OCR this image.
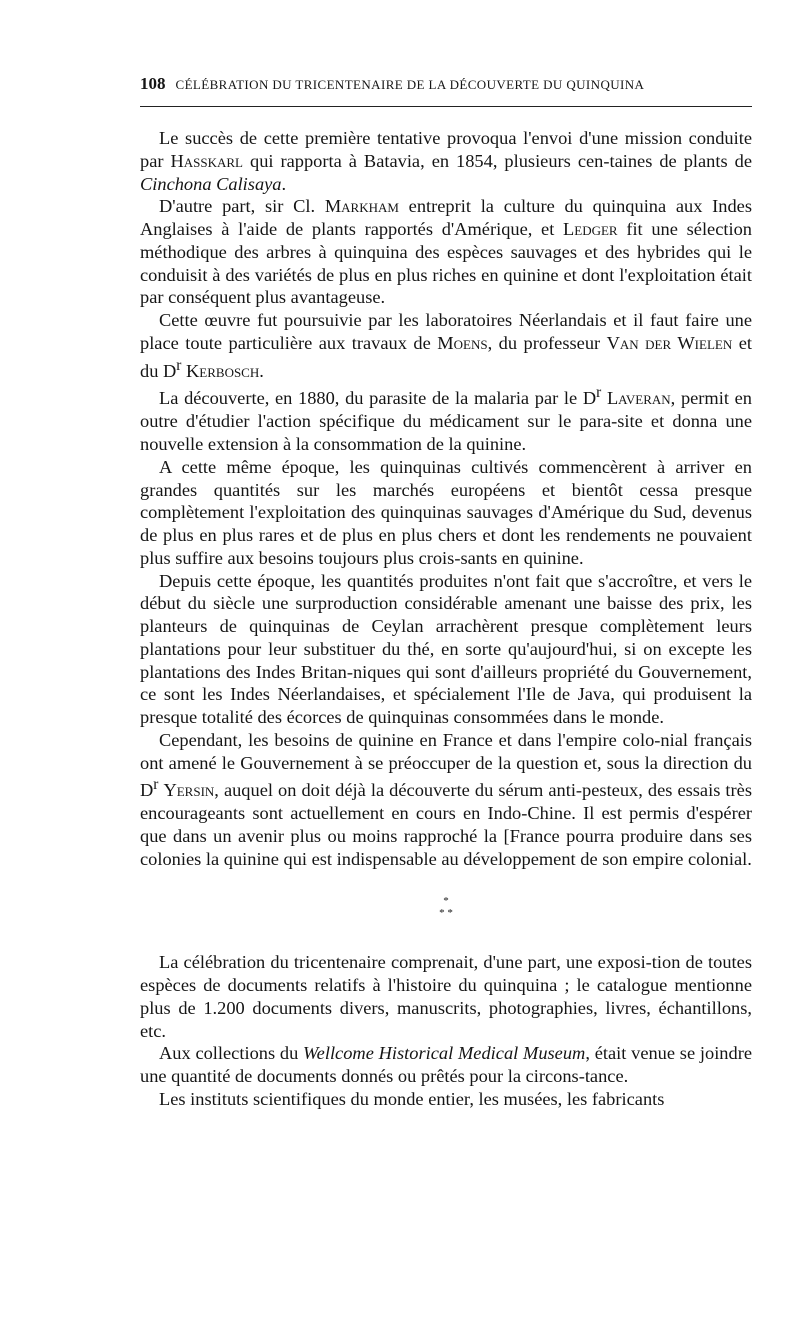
108 CÉLÉBRATION DU TRICENTENAIRE DE LA DÉCOUVERTE DU QUINQUINA

Le succès de cette première tentative provoqua l'envoi d'une mission conduite par Hasskarl qui rapporta à Batavia, en 1854, plusieurs cen-taines de plants de Cinchona Calisaya.

D'autre part, sir Cl. Markham entreprit la culture du quinquina aux Indes Anglaises à l'aide de plants rapportés d'Amérique, et Ledger fit une sélection méthodique des arbres à quinquina des espèces sauvages et des hybrides qui le conduisit à des variétés de plus en plus riches en quinine et dont l'exploitation était par conséquent plus avantageuse.

Cette œuvre fut poursuivie par les laboratoires Néerlandais et il faut faire une place toute particulière aux travaux de Moens, du professeur Van der Wielen et du $D^r$ Kerbosch.

La découverte, en 1880, du parasite de la malaria par le $D^r$ Laveran, permit en outre d'étudier l'action spécifique du médicament sur le para-site et donna une nouvelle extension à la consommation de la quinine.

A cette même époque, les quinquinas cultivés commencèrent à arriver en grandes quantités sur les marchés européens et bientôt cessa presque complètement l'exploitation des quinquinas sauvages d'Amérique du Sud, devenus de plus en plus rares et de plus en plus chers et dont les rendements ne pouvaient plus suffire aux besoins toujours plus crois-sants en quinine.

Depuis cette époque, les quantités produites n'ont fait que s'accroître, et vers le début du siècle une surproduction considérable amenant une baisse des prix, les planteurs de quinquinas de Ceylan arrachèrent presque complètement leurs plantations pour leur substituer du thé, en sorte qu'aujourd'hui, si on excepte les plantations des Indes Britan-niques qui sont d'ailleurs propriété du Gouvernement, ce sont les Indes Néerlandaises, et spécialement l'Ile de Java, qui produisent la presque totalité des écorces de quinquinas consommées dans le monde.

Cependant, les besoins de quinine en France et dans l'empire colo-nial français ont amené le Gouvernement à se préoccuper de la question et, sous la direction du $D^r$ Yersin, auquel on doit déjà la découverte du sérum anti-pesteux, des essais très encourageants sont actuellement en cours en Indo-Chine. Il est permis d'espérer que dans un avenir plus ou moins rapproché la [France pourra produire dans ses colonies la quinine qui est indispensable au développement de son empire colonial.

*
* *

La célébration du tricentenaire comprenait, d'une part, une exposi-tion de toutes espèces de documents relatifs à l'histoire du quinquina ; le catalogue mentionne plus de 1.200 documents divers, manuscrits, photographies, livres, échantillons, etc.

Aux collections du Wellcome Historical Medical Museum, était venue se joindre une quantité de documents donnés ou prêtés pour la circons-tance.

Les instituts scientifiques du monde entier, les musées, les fabricants
